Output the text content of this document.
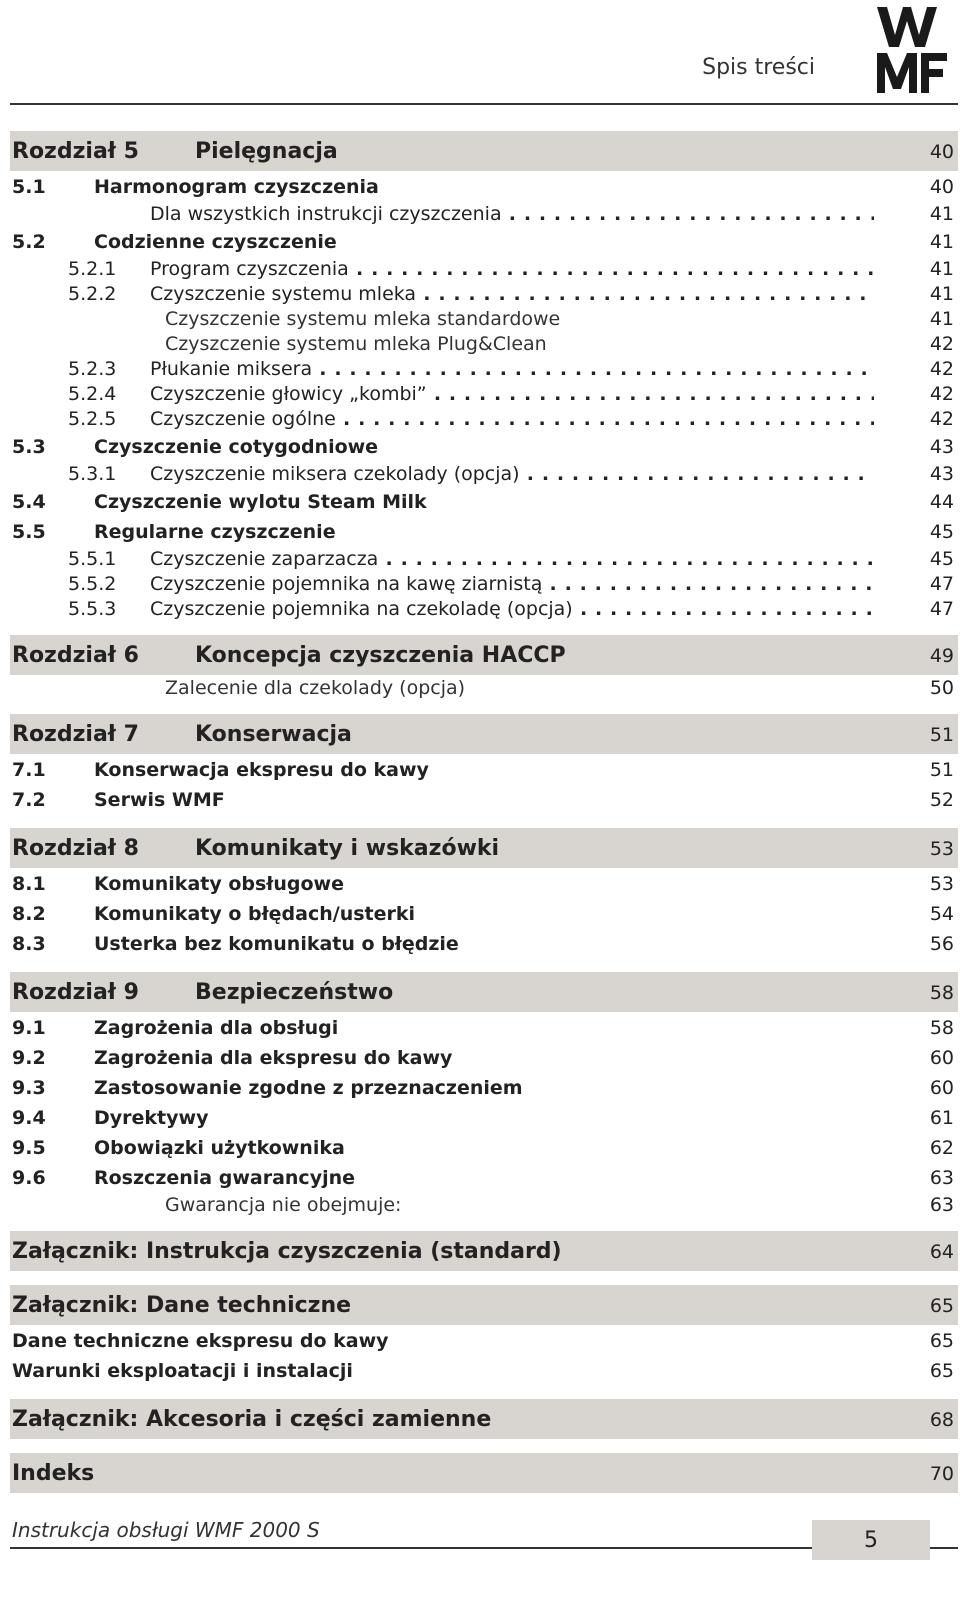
Spis treści
Rozdział 5	Pielęgnacja	40
5.1	Harmonogram czyszczenia	40
Dla wszystkich instrukcji czyszczenia . . .	41
5.2	Codzienne czyszczenie	41
5.2.1 Program czyszczenia . . .	41
5.2.2 Czyszczenie systemu mleka . . .	41
Czyszczenie systemu mleka standardowe	41
Czyszczenie systemu mleka Plug&Clean	42
5.2.3 Płukanie miksera . . .	42
5.2.4 Czyszczenie głowicy „kombi” . . .	42
5.2.5 Czyszczenie ogólne . . .	42
5.3	Czyszczenie cotygodniowe	43
5.3.1 Czyszczenie miksera czekolady (opcja) . . .	43
5.4	Czyszczenie wylotu Steam Milk	44
5.5	Regularne czyszczenie	45
5.5.1 Czyszczenie zaparzacza . . .	45
5.5.2 Czyszczenie pojemnika na kawę ziarnistą . . .	47
5.5.3 Czyszczenie pojemnika na czekoladę (opcja) . . .	47
Rozdział 6	Koncepcja czyszczenia HACCP	49
Zalecenie dla czekolady (opcja)	50
Rozdział 7	Konserwacja	51
7.1	Konserwacja ekspresu do kawy	51
7.2	Serwis WMF	52
Rozdział 8	Komunikaty i wskazówki	53
8.1	Komunikaty obsługowe	53
8.2	Komunikaty o błędach/usterki	54
8.3	Usterka bez komunikatu o błędzie	56
Rozdział 9	Bezpieczeństwo	58
9.1	Zagrożenia dla obsługi	58
9.2	Zagrożenia dla ekspresu do kawy	60
9.3	Zastosowanie zgodne z przeznaczeniem	60
9.4	Dyrektywy	61
9.5	Obowiązki użytkownika	62
9.6	Roszczenia gwarancyjne	63
Gwarancja nie obejmuje:	63
Załącznik: Instrukcja czyszczenia (standard)	64
Załącznik: Dane techniczne	65
Dane techniczne ekspresu do kawy	65
Warunki eksploatacji i instalacji	65
Załącznik: Akcesoria i części zamienne	68
Indeks	70
Instrukcja obsługi WMF 2000 S	5
